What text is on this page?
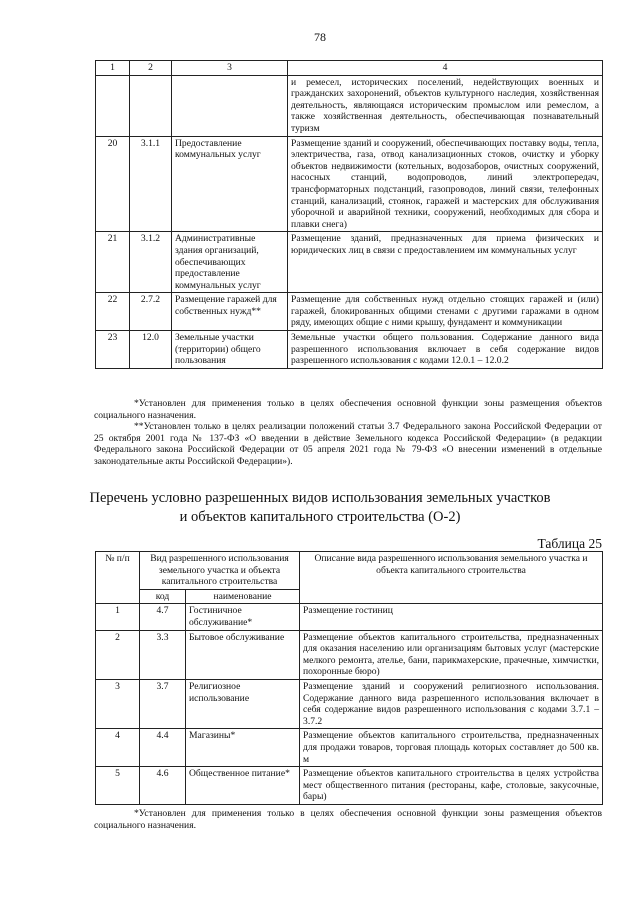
78
1	2	3	4
			и ремесел, исторических поселений, недействующих военных и гражданских захоронений, объектов культурного наследия, хозяйственная деятельность, являющаяся историческим промыслом или ремеслом, а также хозяйственная деятельность, обеспечивающая познавательный туризм
20	3.1.1	Предоставление коммунальных услуг	Размещение зданий и сооружений, обеспечивающих поставку воды, тепла, электричества, газа, отвод канализационных стоков, очистку и уборку объектов недвижимости (котельных, водозаборов, очистных сооружений, насосных станций, водопроводов, линий электропередач, трансформаторных подстанций, газопроводов, линий связи, телефонных станций, канализаций, стоянок, гаражей и мастерских для обслуживания уборочной и аварийной техники, сооружений, необходимых для сбора и плавки снега)
21	3.1.2	Административные здания организаций, обеспечивающих предоставление коммунальных услуг	Размещение зданий, предназначенных для приема физических и юридических лиц в связи с предоставлением им коммунальных услуг
22	2.7.2	Размещение гаражей для собственных нужд**	Размещение для собственных нужд отдельно стоящих гаражей и (или) гаражей, блокированных общими стенами с другими гаражами в одном ряду, имеющих общие с ними крышу, фундамент и коммуникации
23	12.0	Земельные участки (территории) общего пользования	Земельные участки общего пользования. Содержание данного вида разрешенного использования включает в себя содержание видов разрешенного использования с кодами 12.0.1 – 12.0.2
*Установлен для применения только в целях обеспечения основной функции зоны размещения объектов социального назначения.
**Установлен только в целях реализации положений статьи 3.7 Федерального закона Российской Федерации от 25 октября 2001 года № 137-ФЗ «О введении в действие Земельного кодекса Российской Федерации» (в редакции Федерального закона Российской Федерации от 05 апреля 2021 года № 79-ФЗ «О внесении изменений в отдельные законодательные акты Российской Федерации»).
Перечень условно разрешенных видов использования земельных участков
и объектов капитального строительства (О-2)
Таблица 25
№ п/п	Вид разрешенного использования земельного участка и объекта капитального строительства		Описание вида разрешенного использования земельного участка и объекта капитального строительства
	код	наименование	
1	4.7	Гостиничное обслуживание*	Размещение гостиниц
2	3.3	Бытовое обслуживание	Размещение объектов капитального строительства, предназначенных для оказания населению или организациям бытовых услуг (мастерские мелкого ремонта, ателье, бани, парикмахерские, прачечные, химчистки, похоронные бюро)
3	3.7	Религиозное использование	Размещение зданий и сооружений религиозного использования. Содержание данного вида разрешенного использования включает в себя содержание видов разрешенного использования с кодами 3.7.1 – 3.7.2
4	4.4	Магазины*	Размещение объектов капитального строительства, предназначенных для продажи товаров, торговая площадь которых составляет до 500 кв. м
5	4.6	Общественное питание*	Размещение объектов капитального строительства в целях устройства мест общественного питания (рестораны, кафе, столовые, закусочные, бары)
*Установлен для применения только в целях обеспечения основной функции зоны размещения объектов социального назначения.
